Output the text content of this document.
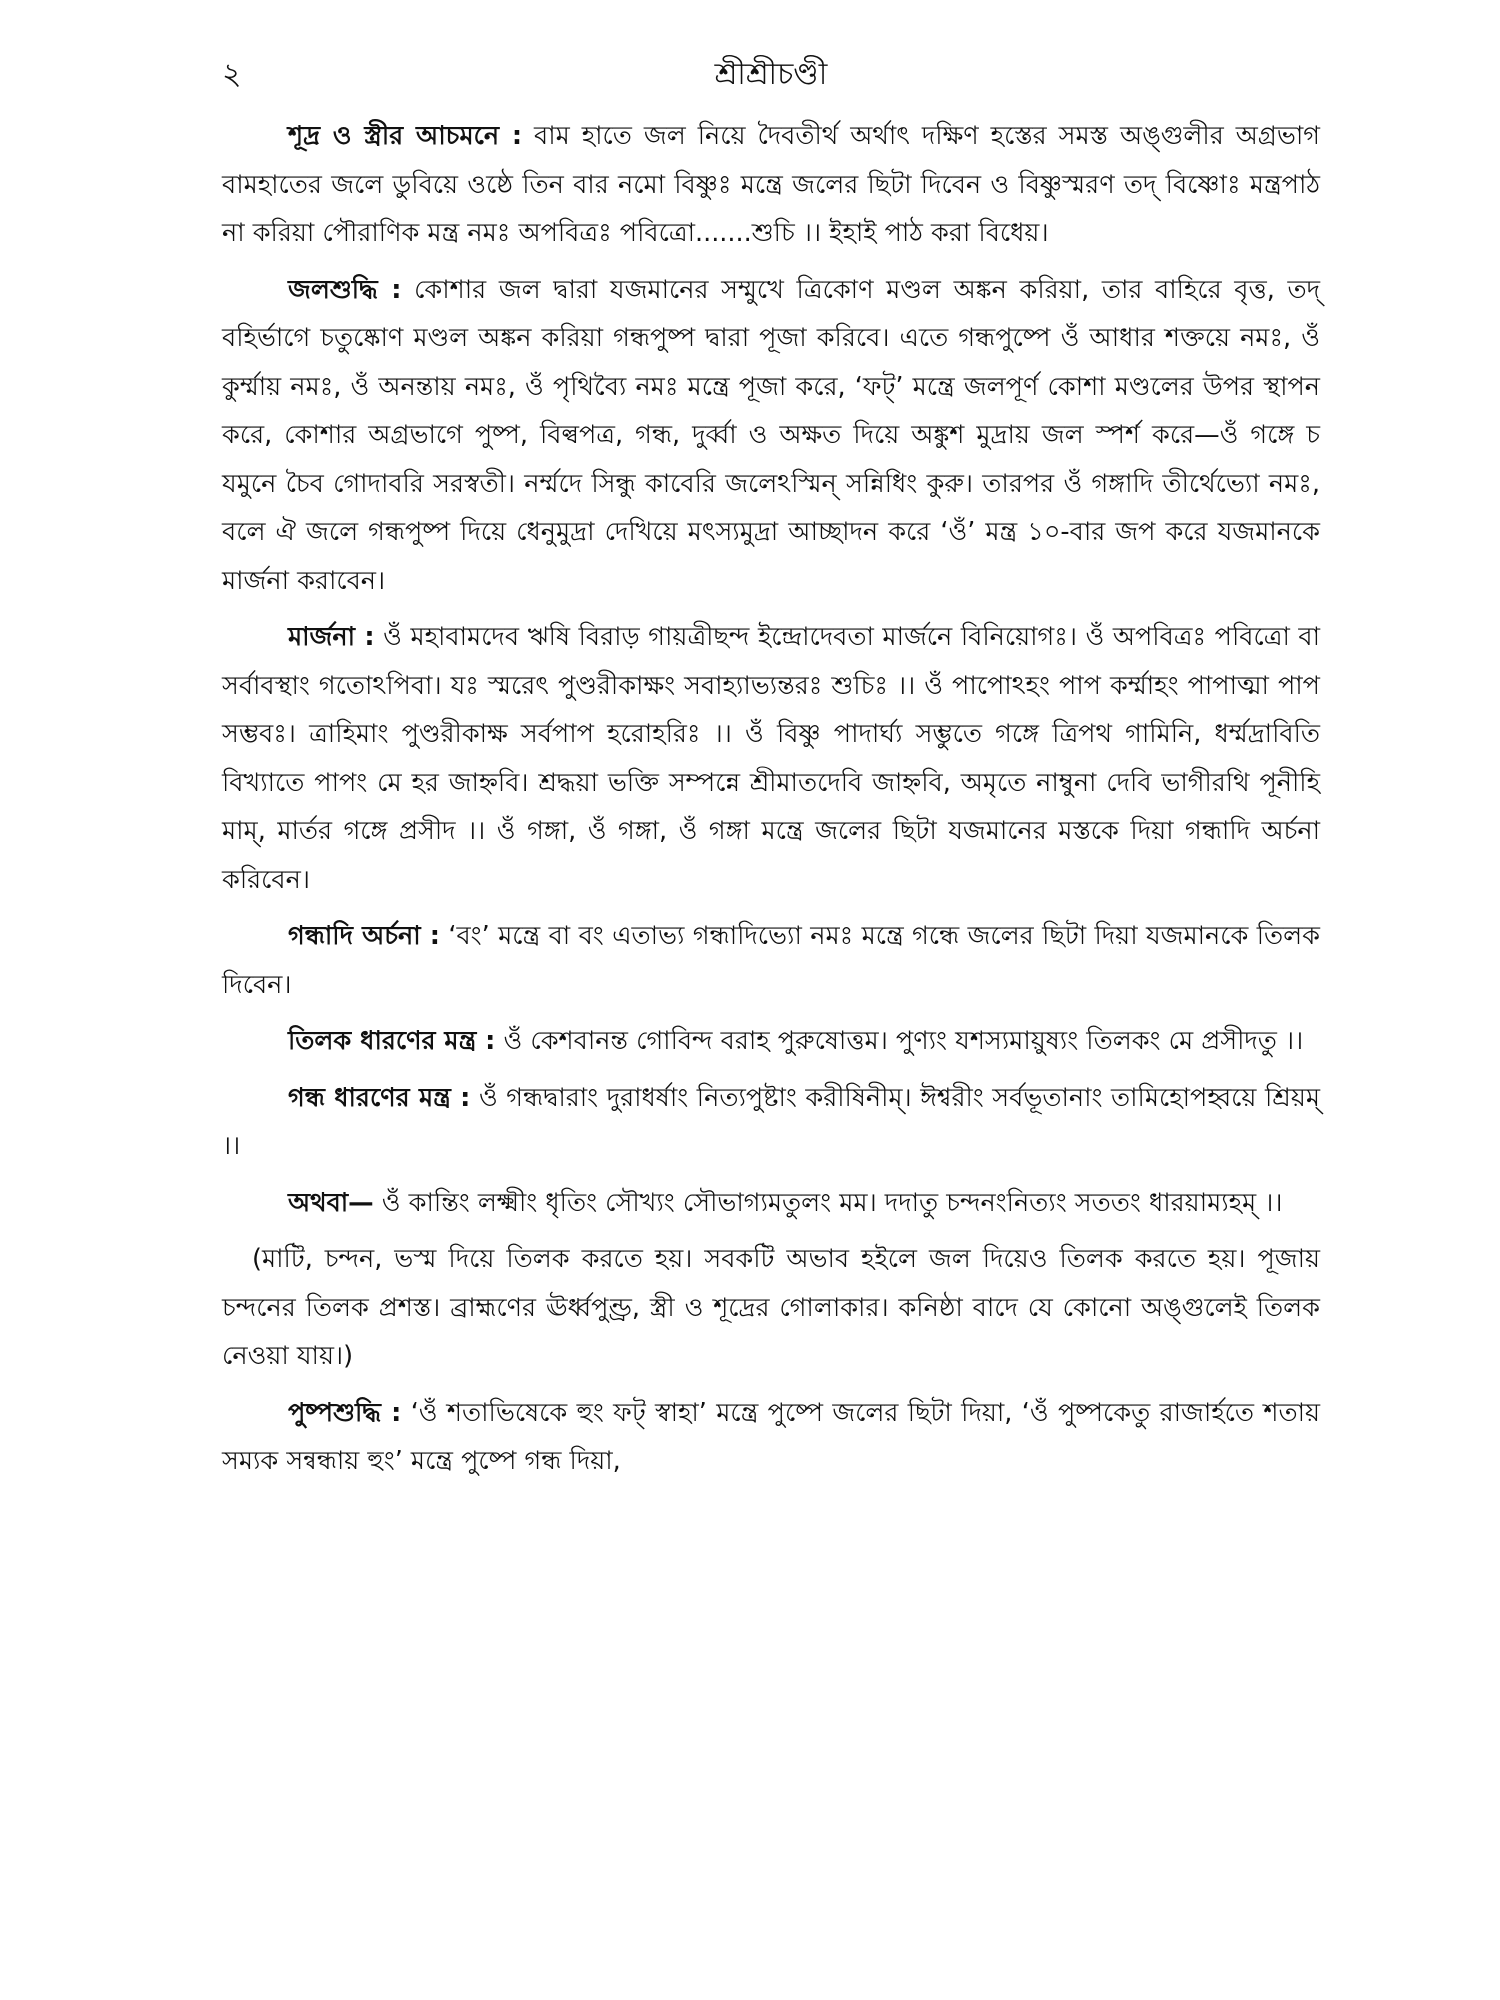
২	শ্রীশ্রীচণ্ডী

শূদ্র ও স্ত্রীর আচমনে : বাম হাতে জল নিয়ে দৈবতীর্থ অর্থাৎ দক্ষিণ হস্তের সমস্ত অঙ্গুলীর অগ্রভাগ বামহাতের জলে ডুবিয়ে ওষ্ঠে তিন বার নমো বিষ্ণুঃ মন্ত্রে জলের ছিটা দিবেন ও বিষ্ণুস্মরণ তদ্ বিষ্ণোঃ মন্ত্রপাঠ না করিয়া পৌরাণিক মন্ত্র নমঃ অপবিত্রঃ পবিত্রো.......শুচি ।। ইহাই পাঠ করা বিধেয়।

জলশুদ্ধি : কোশার জল দ্বারা যজমানের সম্মুখে ত্রিকোণ মণ্ডল অঙ্কন করিয়া, তার বাহিরে বৃত্ত, তদ্ বহির্ভাগে চতুষ্কোণ মণ্ডল অঙ্কন করিয়া গন্ধপুষ্প দ্বারা পূজা করিবে। এতে গন্ধপুষ্পে ওঁ আধার শক্তয়ে নমঃ, ওঁ কুর্ম্মায় নমঃ, ওঁ অনন্তায় নমঃ, ওঁ পৃথিব্যৈ নমঃ মন্ত্রে পূজা করে, ‘ফট্’ মন্ত্রে জলপূর্ণ কোশা মণ্ডলের উপর স্থাপন করে, কোশার অগ্রভাগে পুষ্প, বিল্বপত্র, গন্ধ, দুর্ব্বা ও অক্ষত দিয়ে অঙ্কুশ মুদ্রায় জল স্পর্শ করে—ওঁ গঙ্গে চ যমুনে চৈব গোদাবরি সরস্বতী। নর্ম্মদে সিন্ধু কাবেরি জলেঽস্মিন্ সন্নিধিং কুরু। তারপর ওঁ গঙ্গাদি তীর্থেভ্যো নমঃ, বলে ঐ জলে গন্ধপুষ্প দিয়ে ধেনুমুদ্রা দেখিয়ে মৎস্যমুদ্রা আচ্ছাদন করে ‘ওঁ’ মন্ত্র ১০-বার জপ করে যজমানকে মার্জনা করাবেন।

মার্জনা : ওঁ মহাবামদেব ঋষি বিরাড় গায়ত্রীছন্দ ইন্দ্রোদেবতা মার্জনে বিনিয়োগঃ। ওঁ অপবিত্রঃ পবিত্রো বা সর্বাবস্থাং গতোঽপিবা। যঃ স্মরেৎ পুণ্ডরীকাক্ষং সবাহ্যাভ্যন্তরঃ শুচিঃ ।। ওঁ পাপোঽহং পাপ কর্ম্মাহং পাপাত্মা পাপ সম্ভবঃ। ত্রাহিমাং পুণ্ডরীকাক্ষ সর্বপাপ হরোহরিঃ ।। ওঁ বিষ্ণু পাদার্ঘ্য সম্ভুতে গঙ্গে ত্রিপথ গামিনি, ধর্ম্মদ্রাবিতি বিখ্যাতে পাপং মে হর জাহ্নবি। শ্রদ্ধয়া ভক্তি সম্পন্নে শ্রীমাতদেবি জাহ্নবি, অমৃতে নাম্বুনা দেবি ভাগীরথি পূনীহি মাম্, মার্তর গঙ্গে প্রসীদ ।। ওঁ গঙ্গা, ওঁ গঙ্গা, ওঁ গঙ্গা মন্ত্রে জলের ছিটা যজমানের মস্তকে দিয়া গন্ধাদি অর্চনা করিবেন।

গন্ধাদি অর্চনা : ‘বং’ মন্ত্রে বা বং এতাভ্য গন্ধাদিভ্যো নমঃ মন্ত্রে গন্ধে জলের ছিটা দিয়া যজমানকে তিলক দিবেন।

তিলক ধারণের মন্ত্র : ওঁ কেশবানন্ত গোবিন্দ বরাহ পুরুষোত্তম। পুণ্যং যশস্যমায়ুষ্যং তিলকং মে প্রসীদতু ।।

গন্ধ ধারণের মন্ত্র : ওঁ গন্ধদ্বারাং দুরাধর্ষাং নিত্যপুষ্টাং করীষিনীম্। ঈশ্বরীং সর্বভূতানাং তামিহোপহ্বয়ে শ্রিয়ম্ ।।

অথবা— ওঁ কান্তিং লক্ষ্মীং ধৃতিং সৌখ্যং সৌভাগ্যমতুলং মম। দদাতু চন্দনংনিত্যং সততং ধারয়াম্যহম্ ।।

(মাটি, চন্দন, ভস্ম দিয়ে তিলক করতে হয়। সবকটি অভাব হইলে জল দিয়েও তিলক করতে হয়। পূজায় চন্দনের তিলক প্রশস্ত। ব্রাহ্মণের ঊর্ধ্বপুণ্ড্র, স্ত্রী ও শূদ্রের গোলাকার। কনিষ্ঠা বাদে যে কোনো অঙ্গুলেই তিলক নেওয়া যায়।)

পুষ্পশুদ্ধি : ‘ওঁ শতাভিষেকে হুং ফট্ স্বাহা’ মন্ত্রে পুষ্পে জলের ছিটা দিয়া, ‘ওঁ পুষ্পকেতু রাজার্হতে শতায় সম্যক সন্বন্ধায় হুং’ মন্ত্রে পুষ্পে গন্ধ দিয়া,
